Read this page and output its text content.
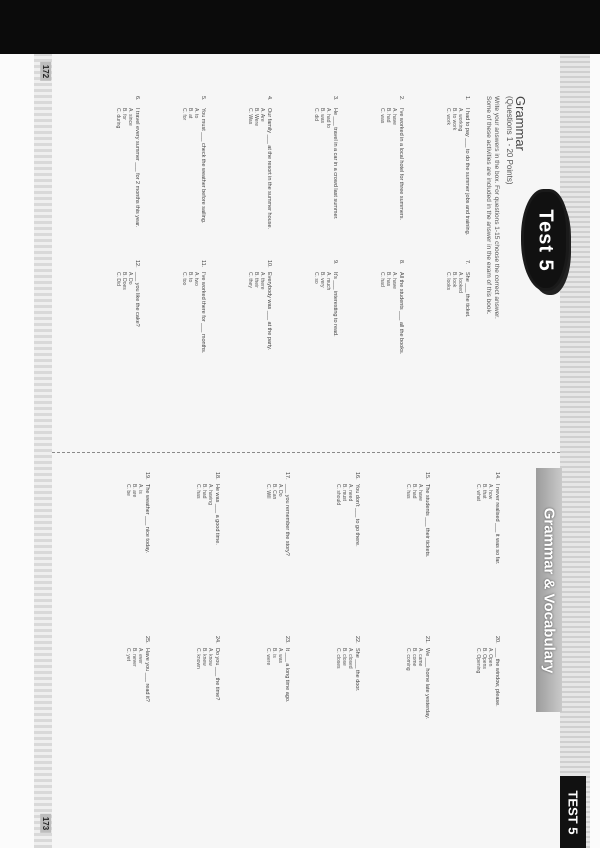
172
173
Test 5
Grammar & Vocabulary
TEST 5
Grammar
(Questions 1 - 20 Points)
Write your answers in the box. For questions 1-15 choose the correct answer.
Some of these activities are included in the answer in the exam of this book.
1.
I had to pay ___ to do the summer jobs and training.
A. working
B. to work
C. work
2.
I've worked in a local hotel for three summers.
A. have
B. had
C. was
3.
He ___ travel in a car in a crowd last summer.
A. had to
B. was
C. did
4.
Our family ___ at the resort in the summer house.
A. Are
B. Were
C. Was
5.
You must ___ check the weather before sailing.
A. to
B. at
C. for
6.
I travel every summer ___ for 2 months this year.
A. since
B. for
C. during
7.
She ___ the ticket.
A. looked
B. look
C. looks
8.
All the students ___ all the books.
A. have
B. has
C. had
9.
It's ___ interesting to read.
A. much
B. very
C. so
10.
Everybody was ___ at the party.
A. there
B. their
C. they
11.
I've worked there for ___ months.
A. two
B. to
C. too
12.
___ you like the cake?
A. Do
B. Does
C. Did
14.
I never realised ___ it was so far.
A. how
B. that
C. what
15.
The students ___ their tickets.
A. have
B. had
C. has
16.
You don't ___ to go there.
A. need
B. must
C. should
17.
___ you remember the story?
A. Do
B. Can
C. Will
18.
He was ___ a good time.
A. having
B. had
C. has
19.
The weather ___ nice today.
A. is
B. are
C. be
20.
___ the window, please.
A. Open
B. Opens
C. Opening
21.
We ___ home late yesterday.
A. came
B. come
C. coming
22.
She ___ the door.
A. closed
B. close
C. closes
23.
It ___ a long time ago.
A. was
B. is
C. were
24.
Do you ___ the time?
A. know
B. knew
C. known
25.
Have you ___ read it?
A. ever
B. never
C. yet
